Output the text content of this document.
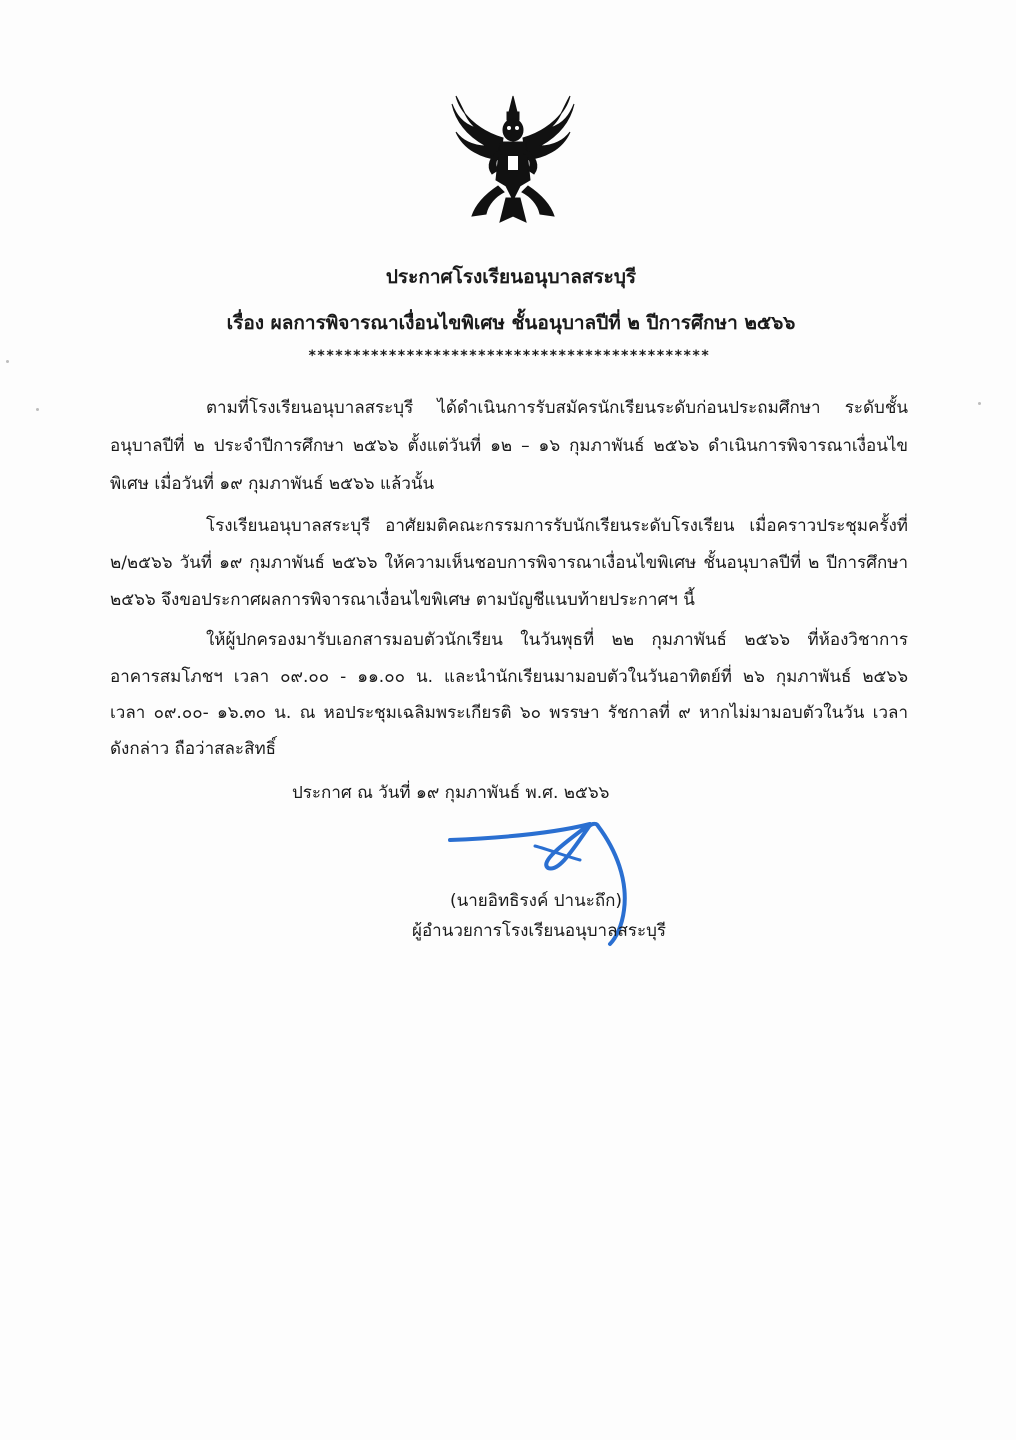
ประกาศโรงเรียนอนุบาลสระบุรี
เรื่อง ผลการพิจารณาเงื่อนไขพิเศษ ชั้นอนุบาลปีที่ ๒ ปีการศึกษา ๒๕๖๖
*********************************************
ตามที่โรงเรียนอนุบาลสระบุรี ได้ดำเนินการรับสมัครนักเรียนระดับก่อนประถมศึกษา ระดับชั้น
อนุบาลปีที่ ๒ ประจำปีการศึกษา ๒๕๖๖ ตั้งแต่วันที่ ๑๒ – ๑๖ กุมภาพันธ์ ๒๕๖๖ ดำเนินการพิจารณาเงื่อนไข
พิเศษ เมื่อวันที่ ๑๙ กุมภาพันธ์ ๒๕๖๖ แล้วนั้น
โรงเรียนอนุบาลสระบุรี อาศัยมติคณะกรรมการรับนักเรียนระดับโรงเรียน เมื่อคราวประชุมครั้งที่
๒/๒๕๖๖ วันที่ ๑๙ กุมภาพันธ์ ๒๕๖๖ ให้ความเห็นชอบการพิจารณาเงื่อนไขพิเศษ ชั้นอนุบาลปีที่ ๒ ปีการศึกษา
๒๕๖๖ จึงขอประกาศผลการพิจารณาเงื่อนไขพิเศษ ตามบัญชีแนบท้ายประกาศฯ นี้
ให้ผู้ปกครองมารับเอกสารมอบตัวนักเรียน ในวันพุธที่ ๒๒ กุมภาพันธ์ ๒๕๖๖ ที่ห้องวิชาการ
อาคารสมโภชฯ เวลา ๐๙.๐๐ - ๑๑.๐๐ น. และนำนักเรียนมามอบตัวในวันอาทิตย์ที่ ๒๖ กุมภาพันธ์ ๒๕๖๖
เวลา ๐๙.๐๐- ๑๖.๓๐ น. ณ หอประชุมเฉลิมพระเกียรติ ๖๐ พรรษา รัชกาลที่ ๙ หากไม่มามอบตัวในวัน เวลา
ดังกล่าว ถือว่าสละสิทธิ์
ประกาศ ณ วันที่ ๑๙ กุมภาพันธ์ พ.ศ. ๒๕๖๖
(นายอิทธิรงค์ ปานะถึก)
ผู้อำนวยการโรงเรียนอนุบาลสระบุรี
